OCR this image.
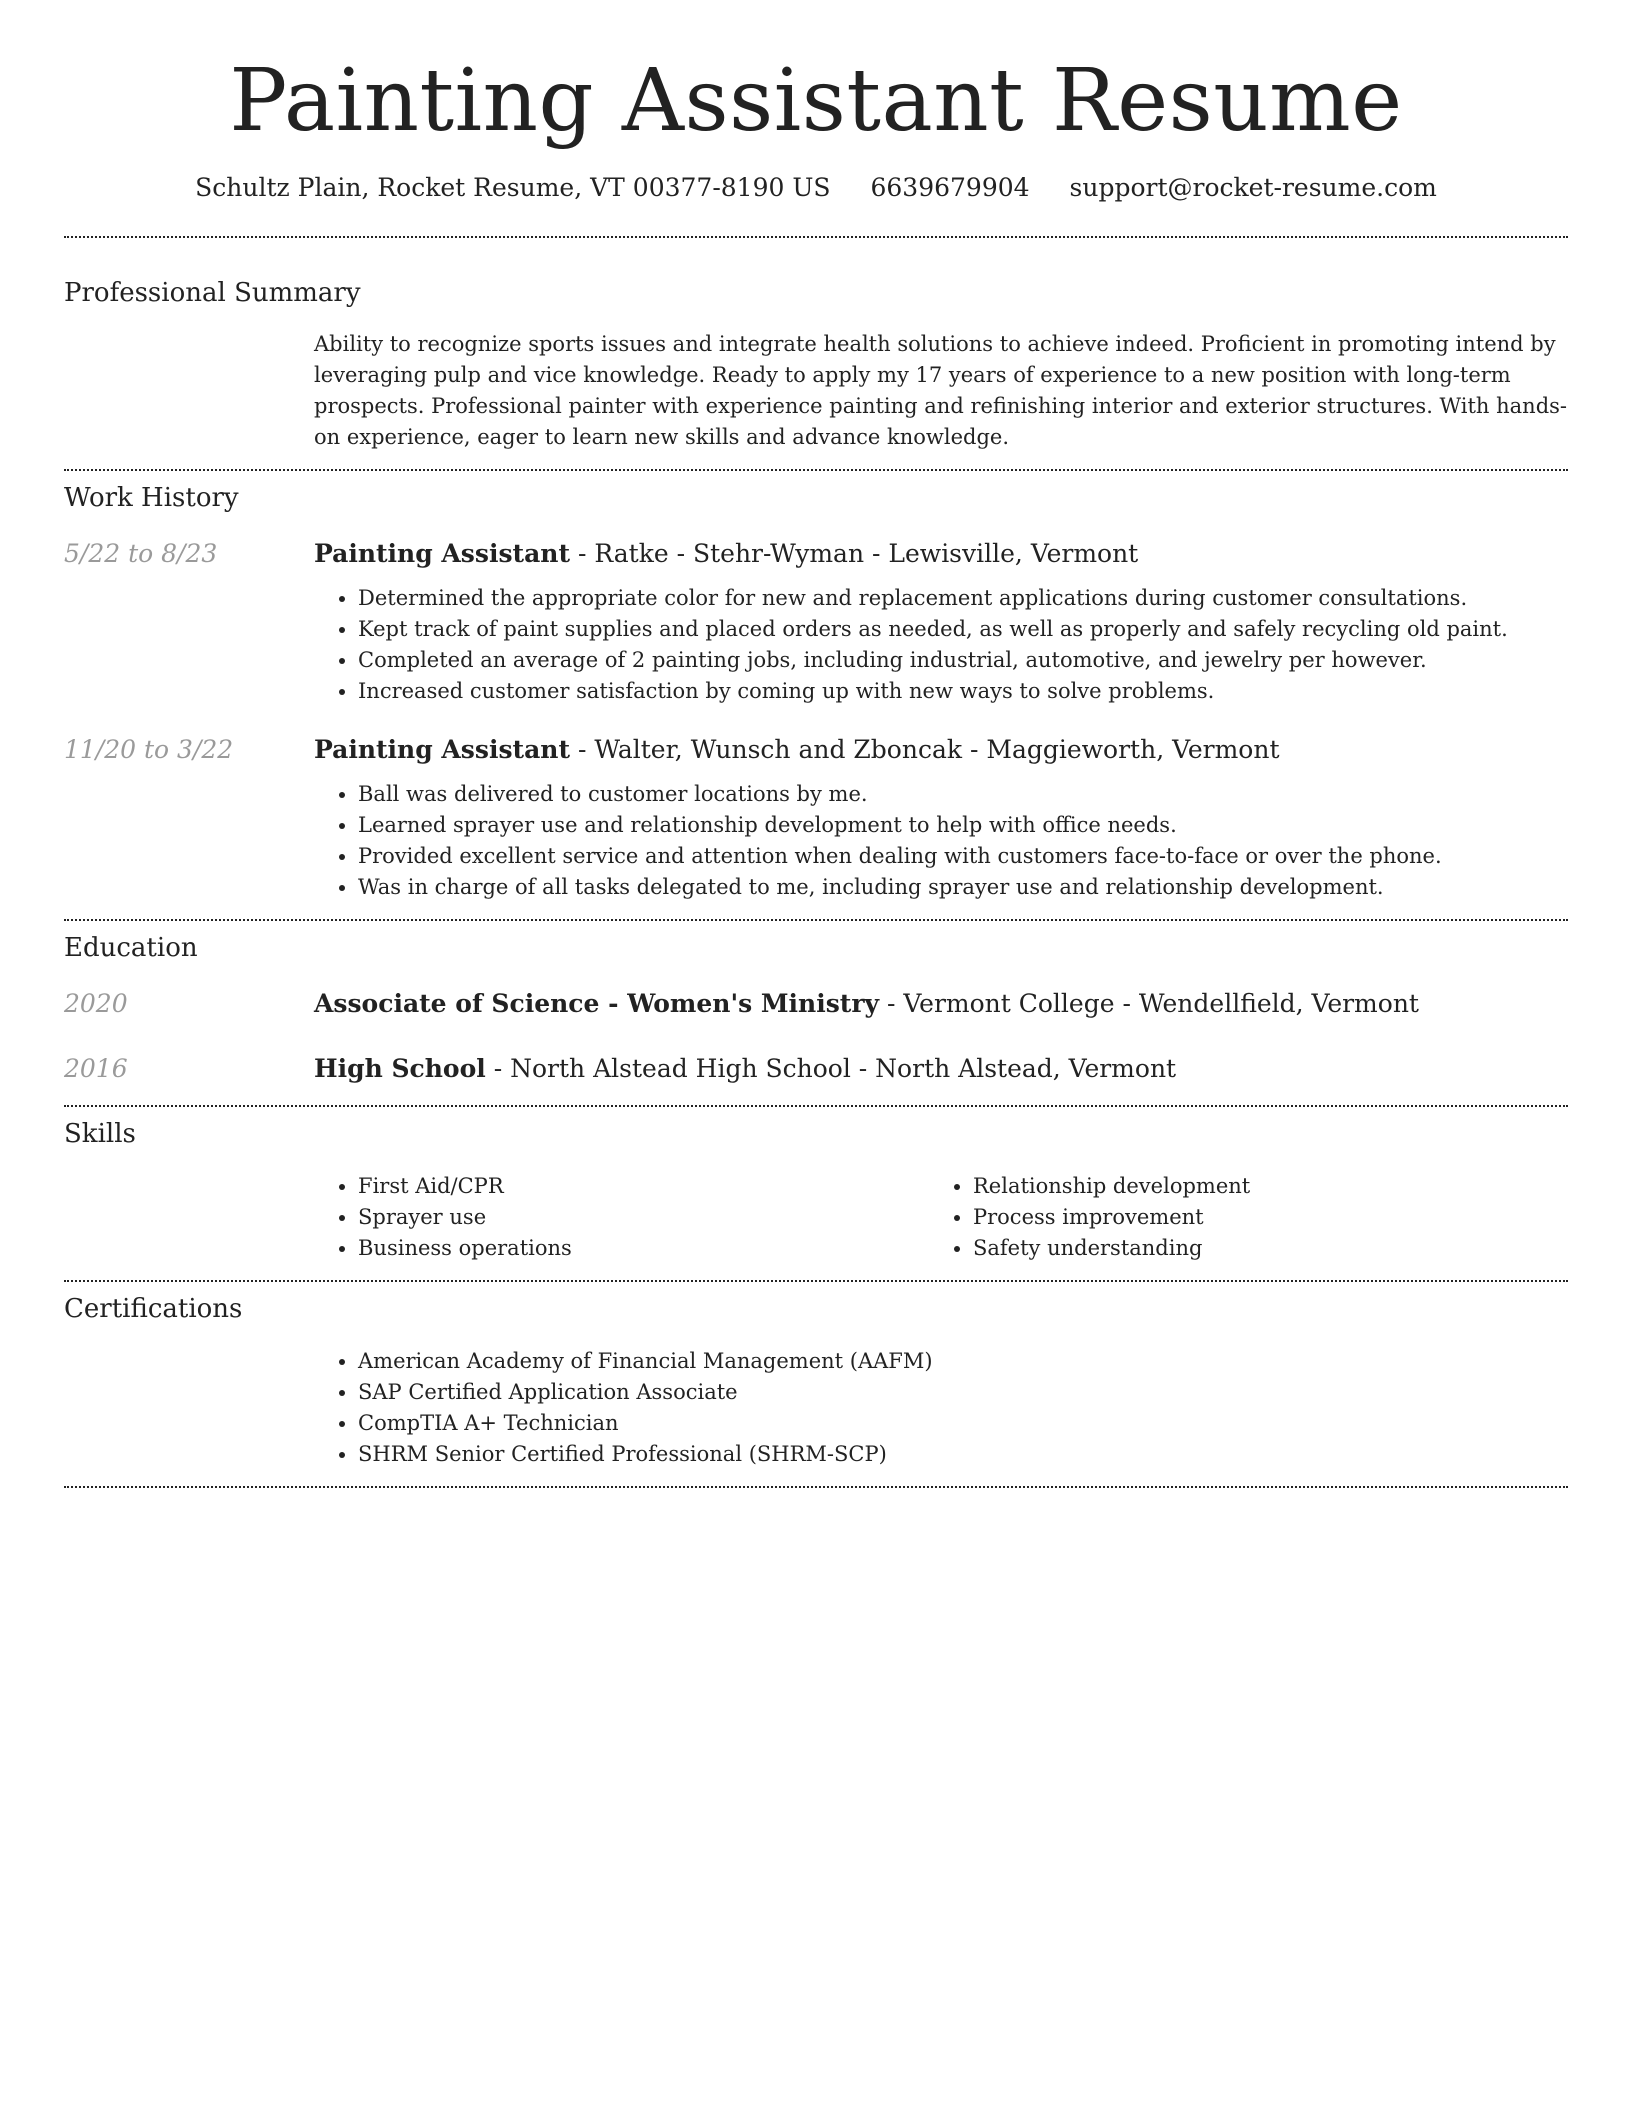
Painting Assistant Resume
Schultz Plain, Rocket Resume, VT 00377-8190 US 6639679904 support@rocket-resume.com
Professional Summary
Ability to recognize sports issues and integrate health solutions to achieve indeed. Proficient in promoting intend by leveraging pulp and vice knowledge. Ready to apply my 17 years of experience to a new position with long-term prospects. Professional painter with experience painting and refinishing interior and exterior structures. With hands-on experience, eager to learn new skills and advance knowledge.
Work History
5/22 to 8/23	Painting Assistant - Ratke - Stehr-Wyman - Lewisville, Vermont
• Determined the appropriate color for new and replacement applications during customer consultations.
• Kept track of paint supplies and placed orders as needed, as well as properly and safely recycling old paint.
• Completed an average of 2 painting jobs, including industrial, automotive, and jewelry per however.
• Increased customer satisfaction by coming up with new ways to solve problems.
11/20 to 3/22	Painting Assistant - Walter, Wunsch and Zboncak - Maggieworth, Vermont
• Ball was delivered to customer locations by me.
• Learned sprayer use and relationship development to help with office needs.
• Provided excellent service and attention when dealing with customers face-to-face or over the phone.
• Was in charge of all tasks delegated to me, including sprayer use and relationship development.
Education
2020	Associate of Science - Women's Ministry - Vermont College - Wendellfield, Vermont
2016	High School - North Alstead High School - North Alstead, Vermont
Skills
• First Aid/CPR
• Sprayer use
• Business operations
• Relationship development
• Process improvement
• Safety understanding
Certifications
• American Academy of Financial Management (AAFM)
• SAP Certified Application Associate
• CompTIA A+ Technician
• SHRM Senior Certified Professional (SHRM-SCP)
